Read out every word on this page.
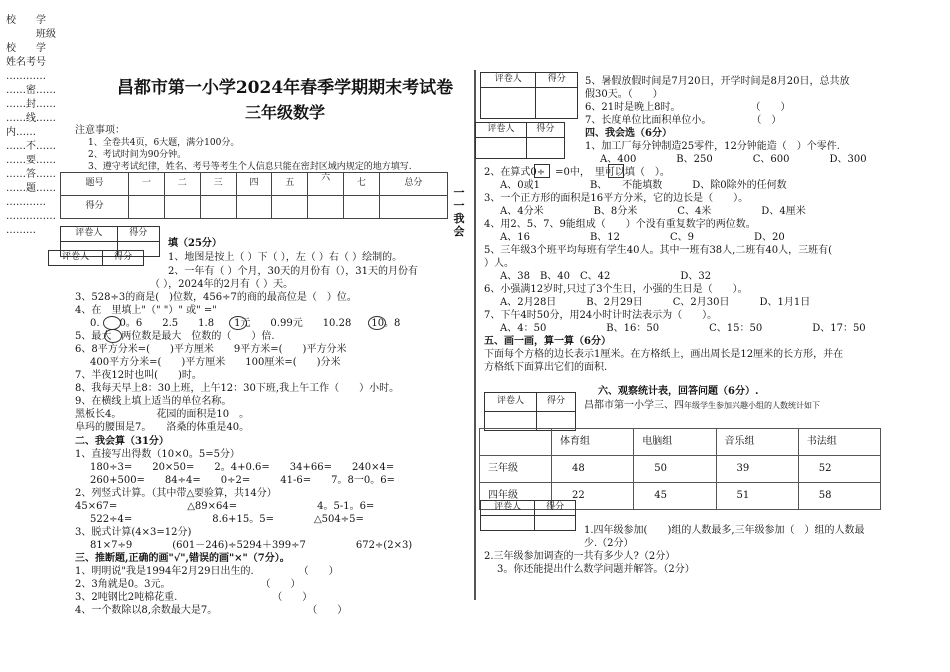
校　　学
　　　班级
校　　学
姓名考号
…………
……密……
……封……
……线……
内……
……不……
……要……
……答……
……题……
…………
……………
………
昌都市第一小学2024年春季学期期末考试卷
三年级数学
注意事项：
1、全卷共4页，6大题，满分100分。
2、考试时间为90分钟。
3、遵守考试纪律，姓名、考号等考生个人信息只能在密封区域内规定的地方填写.
题号	一	二	三	四	五	六	七	总分
得分								
评卷人	得分

评卷人	得分
一
一
我
会
评卷人	得分

评卷人	得分

评卷人	得分

六、观察统计表，回答问题（6分）.
昌都市第一小学三、四年级学生参加兴趣小组的人数统计如下
	体育组	电脑组	音乐组	书法组
三年级	48	50	39	52
四年级	22	45	51	58
评卷人	得分

填（25分）
1、地图是按上（ ）下（ ），左（ ）右（ ）绘制的。
2、一年有（ ）个月，30天的月份有（），31天的月份有
（ ），2024年的2月有（ ）天。
3、528÷3的商是(　)位数，456÷7的商的最高位是（　）位。
4、在　里填上"（" "）" 或" ="
0.　　0。6　　2.5　　1.8　　1元　　0.99元　　10.28　　10。8
5、最大　两位数是最大　位数的（　　）倍.
6、8平方分米=(　　)平方厘米　　9平方米=(　　)平方分米
400平方分米=(　　)平方厘米　　100厘米=(　　)分米
7、半夜12时也叫(　　)时。
8、我每天早上8：30上班，上午12：30下班,我上午工作（　　）小时。
9、在横线上填上适当的单位名称。
黑板长4。　　　　花园的面积是10　。
阜玛的腰围是7。　　洛桑的体重是40。
二、我会算（31分）
1、直接写出得数（10×0。5=5分）
180÷3=　　20×50=　　2。4+0.6=　　34+66=　　240×4=
260+500=　　84÷4=　　0÷2=　　　41-6=　　7。8一0。6=
2、列竖式计算。（其中带△要验算，共14分）
45×67=　　　　　　　△89×64=　　　　　　　　4。5-1。6=
522÷4=　　　　　　　　8.6+15。5=　　　　△504÷5=
3、脱式计算(4×3=12分)
81×7÷9　　　　(601－246)÷5294＋399÷7　　　　　672÷(2×3)
三、推断题,正确的画"√",错误的画"×"（7分）。
1、明明说"我是1994年2月29日出生的.　　　　　（　　）
2、3角就是0。3元。　　　　　　　　　　（　　）
3、2吨钢比2吨棉花重.　　　　　　　　　　（　　）
4、一个数除以8,余数最大是7。　　　　　　　　　　（　　）
5、暑假放假时间是7月20日，开学时间是8月20日，总共放
假30天。（　　）
6、21时是晚上8时。　　　　　　　　（　　）
7、长度单位比面积单位小。　　　　　（　）
四、我会选（6分）
1、加工厂每分钟制造25零件，12分钟能造（　）个零件.
A、400　　　　B、250　　　　C、600　　　　D、300
2、在算式0÷　=0中，　里可以填（　）。
A、0或1　　　　　B、　　不能填数　　　D、除0除外的任何数
3、一个正方形的面积是16平方分米，它的边长是（　　）。
A、4分米　　　　　B、8分米　　　　C、4米　　　　　D、4厘米
4、用2、5、7、9能组成（　　）个没有重复数字的两位数。
A、16　　　　　　B、12　　　　　C、9　　　　　　D、20
5、三年级3个班平均每班有学生40人。其中一班有38人,二班有40人，三班有(　
）人。
A、38　B、40　C、42　　　　　　　D、32
6、小强满12岁时,只过了3个生日，小强的生日是（　　）。
A、2月28日　　　B、2月29日　　　C、2月30日　　　D、1月1日
7、下午4时50分，用24小时计时法表示为（　　）。
A、4：50　　　　　　B、16：50　　　　　C、15：50　　　　　D、17：50
五、画一画，算一算（6分）
下面每个方格的边长表示1厘米。在方格纸上，画出周长是12厘米的长方形，并在
方格纸下面算出它们的面积.
1.四年级参加(　　)组的人数最多,三年级参加（　）组的人数最
少.（2分）
2.三年级参加调查的一共有多少人?（2分）
3。你还能提出什么数学问题并解答。（2分）
